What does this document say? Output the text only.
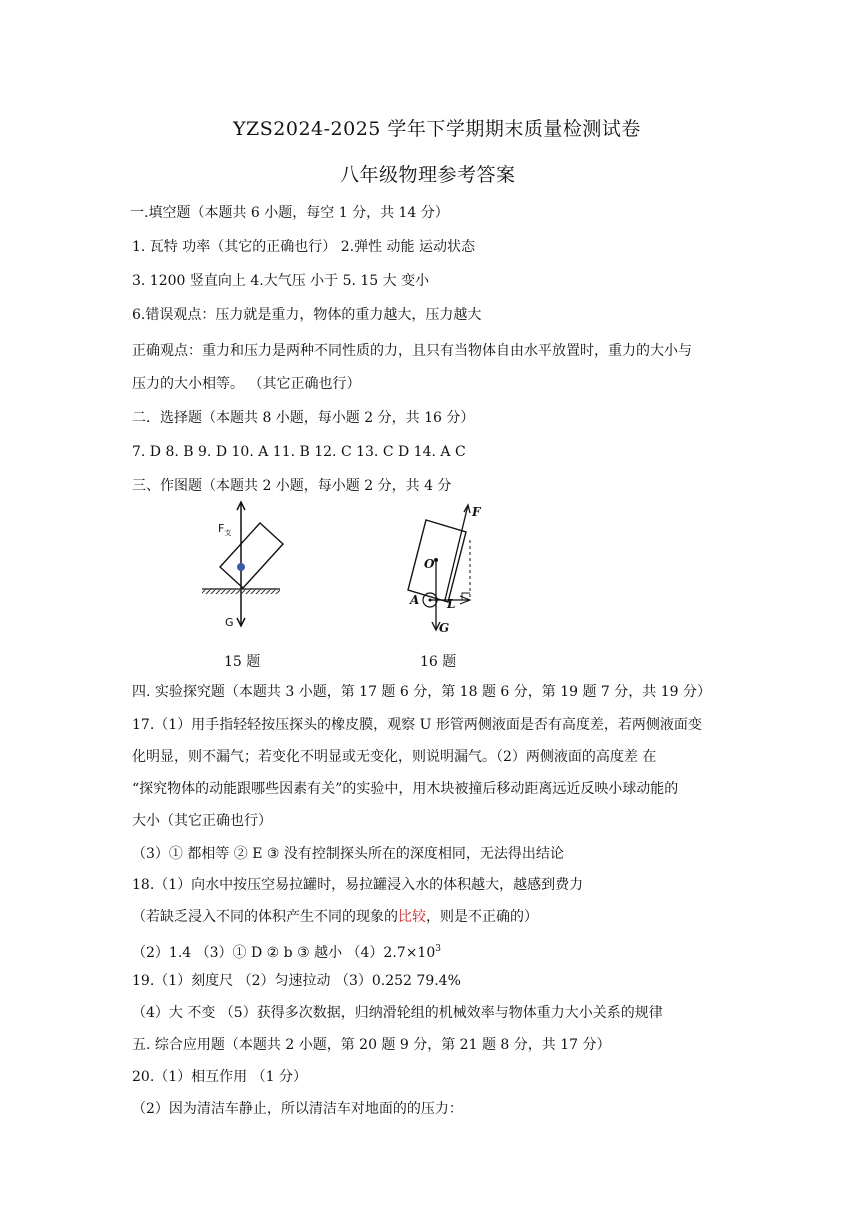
YZS2024-2025 学年下学期期末质量检测试卷
八年级物理参考答案
一.填空题（本题共 6 小题，每空 1 分，共 14 分）
1. 瓦特 功率（其它的正确也行） 2.弹性 动能 运动状态
3. 1200 竖直向上 4.大气压 小于 5. 15 大 变小
6.错误观点：压力就是重力，物体的重力越大，压力越大
正确观点：重力和压力是两种不同性质的力，且只有当物体自由水平放置时，重力的大小与
压力的大小相等。 （其它正确也行）
二．选择题（本题共 8 小题，每小题 2 分，共 16 分）
7. D 8. B 9. D 10. A 11. B 12. C 13. C D 14. A C
三、作图题（本题共 2 小题，每小题 2 分，共 4 分
$F_支$
G
15 题
F
O
A L
G
16 题
四. 实验探究题（本题共 3 小题，第 17 题 6 分，第 18 题 6 分，第 19 题 7 分，共 19 分）
17.（1）用手指轻轻按压探头的橡皮膜，观察 U 形管两侧液面是否有高度差，若两侧液面变
化明显，则不漏气；若变化不明显或无变化，则说明漏气。（2）两侧液面的高度差 在
“探究物体的动能跟哪些因素有关”的实验中，用木块被撞后移动距离远近反映小球动能的
大小（其它正确也行）
（3）① 都相等 ② E ③ 没有控制探头所在的深度相同，无法得出结论
18.（1）向水中按压空易拉罐时，易拉罐浸入水的体积越大，越感到费力
（若缺乏浸入不同的体积产生不同的现象的比较，则是不正确的）
（2）1.4 （3）① D ② b ③ 越小 $(4)2.7\times 10^3$
19.（1）刻度尺 （2）匀速拉动 （3）0.252 79.4%
（4）大 不变 （5）获得多次数据，归纳滑轮组的机械效率与物体重力大小关系的规律
五. 综合应用题（本题共 2 小题，第 20 题 9 分，第 21 题 8 分，共 17 分）
20.（1）相互作用 （1 分）
（2）因为清洁车静止，所以清洁车对地面的的压力：
